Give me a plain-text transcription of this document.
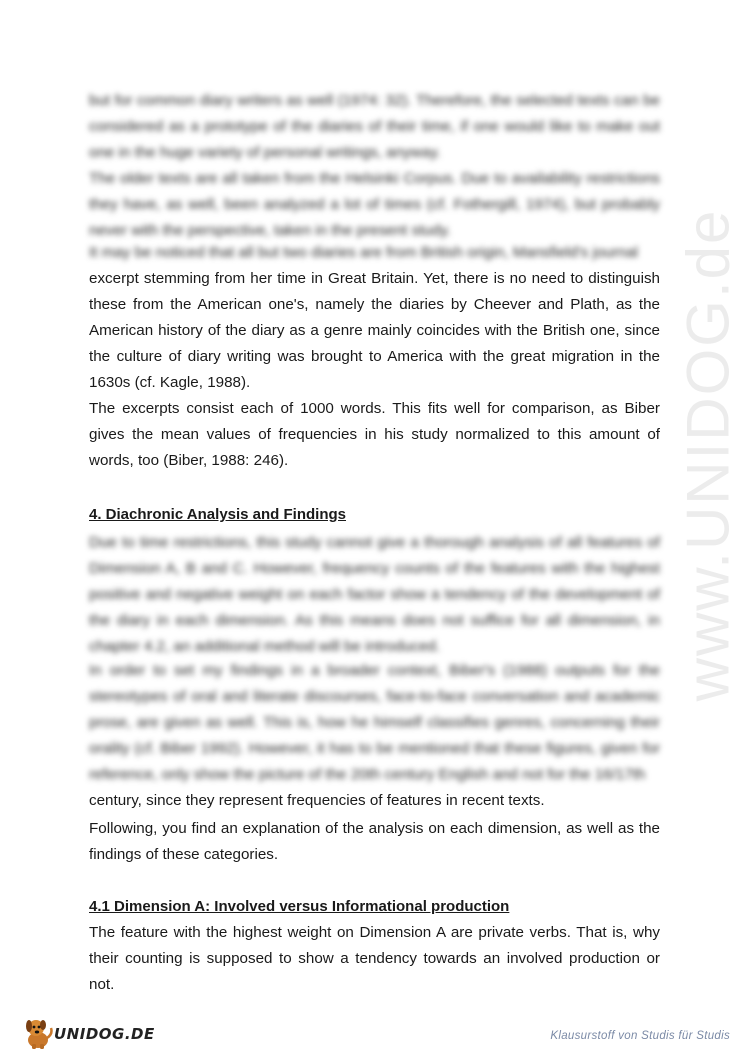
www.UNIDOG.de

but for common diary writers as well (1974: 32). Therefore, the selected texts can be considered as a prototype of the diaries of their time, if one would like to make out one in the huge variety of personal writings, anyway.

The older texts are all taken from the Helsinki Corpus. Due to availability restrictions they have, as well, been analyzed a lot of times (cf. Fothergill, 1974), but probably never with the perspective, taken in the present study.

It may be noticed that all but two diaries are from British origin, Mansfield's journal

excerpt stemming from her time in Great Britain. Yet, there is no need to distinguish these from the American one's, namely the diaries by Cheever and Plath, as the American history of the diary as a genre mainly coincides with the British one, since the culture of diary writing was brought to America with the great migration in the 1630s (cf. Kagle, 1988).

The excerpts consist each of 1000 words. This fits well for comparison, as Biber gives the mean values of frequencies in his study normalized to this amount of words, too (Biber, 1988: 246).

4. Diachronic Analysis and Findings

Due to time restrictions, this study cannot give a thorough analysis of all features of Dimension A, B and C. However, frequency counts of the features with the highest positive and negative weight on each factor show a tendency of the development of the diary in each dimension. As this means does not suffice for all dimension, in chapter 4.2, an additional method will be introduced.

In order to set my findings in a broader context, Biber's (1988) outputs for the stereotypes of oral and literate discourses, face-to-face conversation and academic prose, are given as well. This is, how he himself classifies genres, concerning their orality (cf. Biber 1992). However, it has to be mentioned that these figures, given for reference, only show the picture of the 20th century English and not for the 16/17th

century, since they represent frequencies of features in recent texts.

Following, you find an explanation of the analysis on each dimension, as well as the findings of these categories.

4.1 Dimension A: Involved versus Informational production

The feature with the highest weight on Dimension A are private verbs. That is, why their counting is supposed to show a tendency towards an involved production or not.

UNIDOG.DE	Klausurstoff von Studis für Studis
